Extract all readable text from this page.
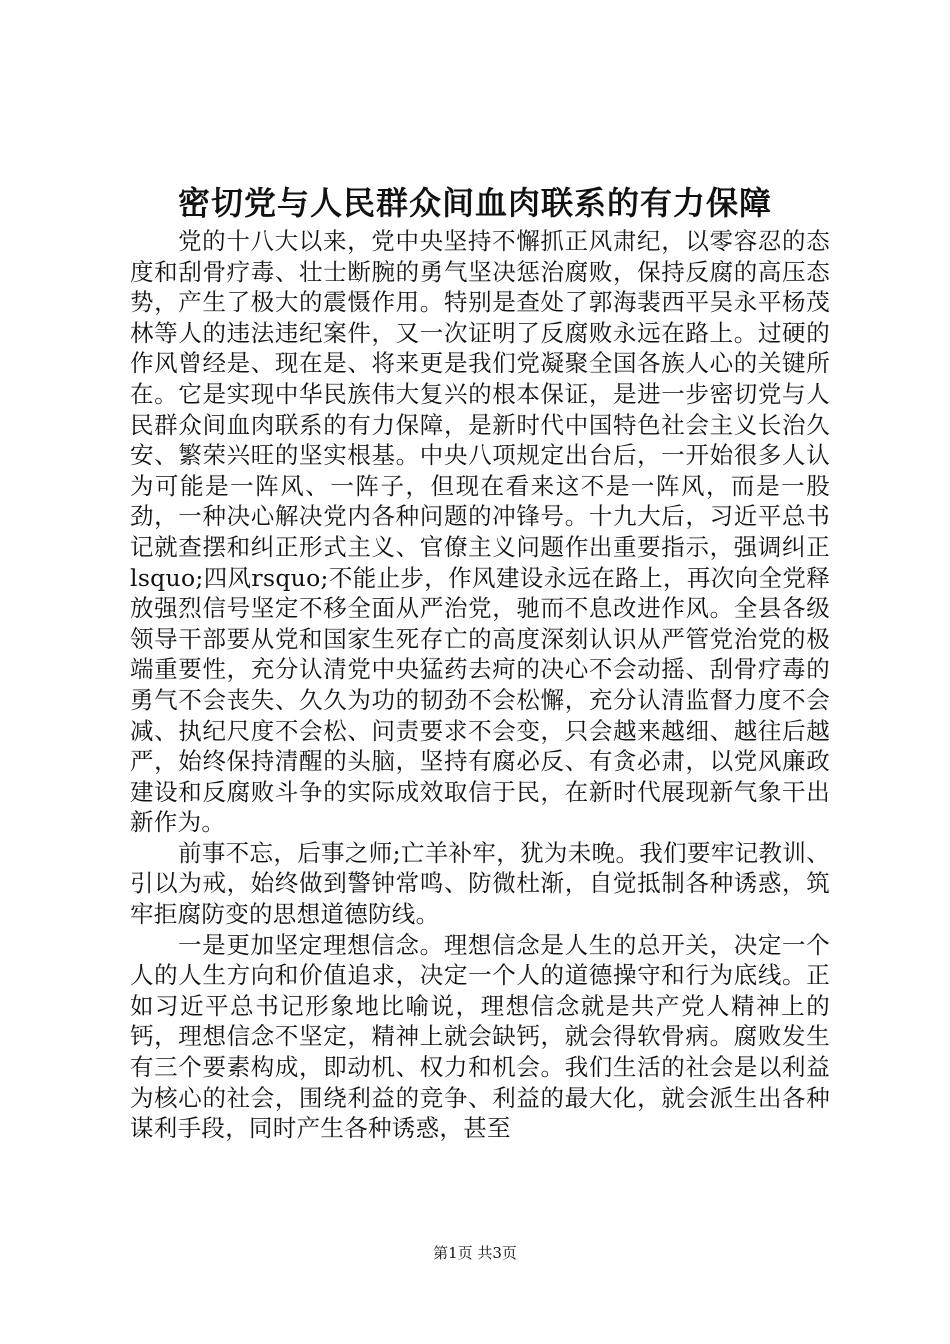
密切党与人民群众间血肉联系的有力保障

党的十八大以来，党中央坚持不懈抓正风肃纪，以零容忍的态度和刮骨疗毒、壮士断腕的勇气坚决惩治腐败，保持反腐的高压态势，产生了极大的震慑作用。特别是查处了郭海裴西平吴永平杨茂林等人的违法违纪案件，又一次证明了反腐败永远在路上。过硬的作风曾经是、现在是、将来更是我们党凝聚全国各族人心的关键所在。它是实现中华民族伟大复兴的根本保证，是进一步密切党与人民群众间血肉联系的有力保障，是新时代中国特色社会主义长治久安、繁荣兴旺的坚实根基。中央八项规定出台后，一开始很多人认为可能是一阵风、一阵子，但现在看来这不是一阵风，而是一股劲，一种决心解决党内各种问题的冲锋号。十九大后，习近平总书记就查摆和纠正形式主义、官僚主义问题作出重要指示，强调纠正 lsquo;四风rsquo;不能止步，作风建设永远在路上，再次向全党释放强烈信号坚定不移全面从严治党，驰而不息改进作风。全县各级领导干部要从党和国家生死存亡的高度深刻认识从严管党治党的极端重要性，充分认清党中央猛药去疴的决心不会动摇、刮骨疗毒的勇气不会丧失、久久为功的韧劲不会松懈，充分认清监督力度不会减、执纪尺度不会松、问责要求不会变，只会越来越细、越往后越严，始终保持清醒的头脑，坚持有腐必反、有贪必肃，以党风廉政建设和反腐败斗争的实际成效取信于民，在新时代展现新气象干出新作为。

前事不忘，后事之师;亡羊补牢，犹为未晚。我们要牢记教训、引以为戒，始终做到警钟常鸣、防微杜渐，自觉抵制各种诱惑，筑牢拒腐防变的思想道德防线。

一是更加坚定理想信念。理想信念是人生的总开关，决定一个人的人生方向和价值追求，决定一个人的道德操守和行为底线。正如习近平总书记形象地比喻说，理想信念就是共产党人精神上的钙，理想信念不坚定，精神上就会缺钙，就会得软骨病。腐败发生有三个要素构成，即动机、权力和机会。我们生活的社会是以利益为核心的社会，围绕利益的竞争、利益的最大化，就会派生出各种谋利手段，同时产生各种诱惑，甚至

第1页 共3页
